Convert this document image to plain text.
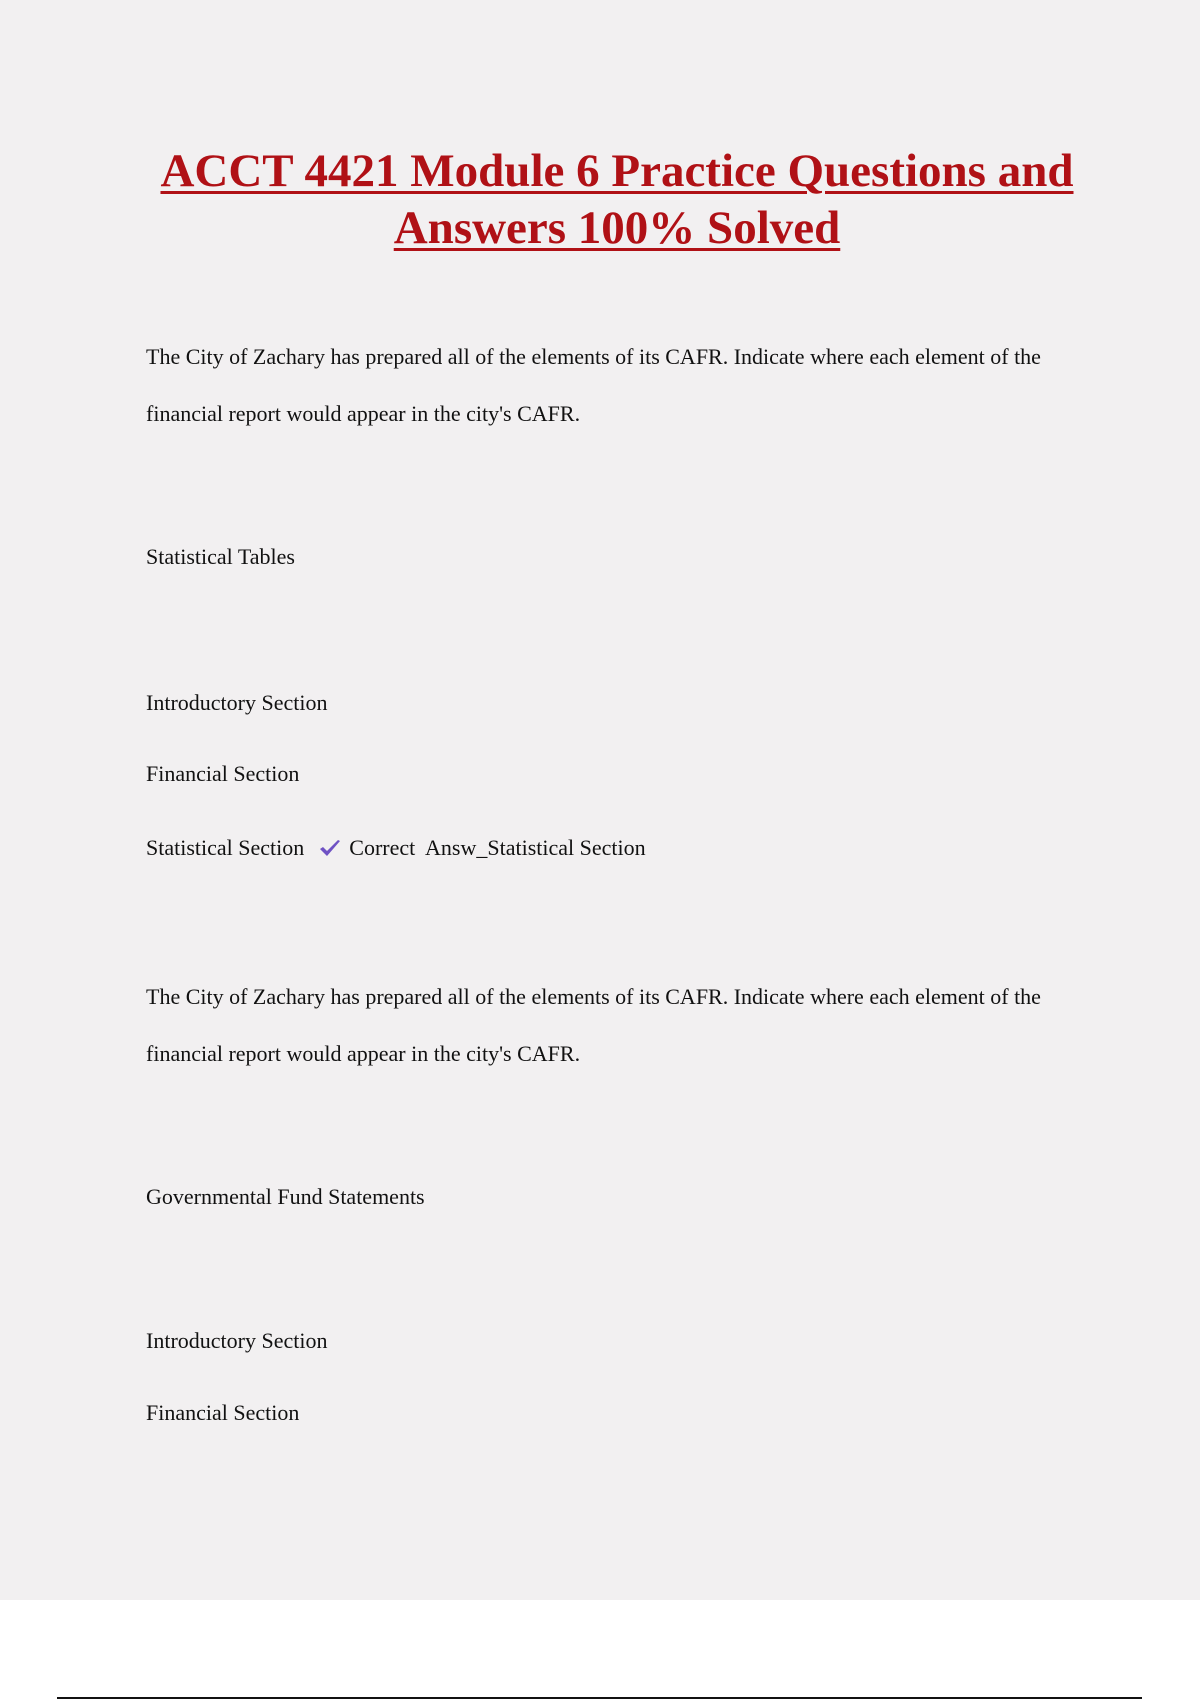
ACCT 4421 Module 6 Practice Questions and Answers 100% Solved

The City of Zachary has prepared all of the elements of its CAFR. Indicate where each element of the financial report would appear in the city's CAFR.

Statistical Tables
Introductory Section
Financial Section
Statistical Section Correct  Answ_Statistical Section

The City of Zachary has prepared all of the elements of its CAFR. Indicate where each element of the financial report would appear in the city's CAFR.

Governmental Fund Statements
Introductory Section
Financial Section
